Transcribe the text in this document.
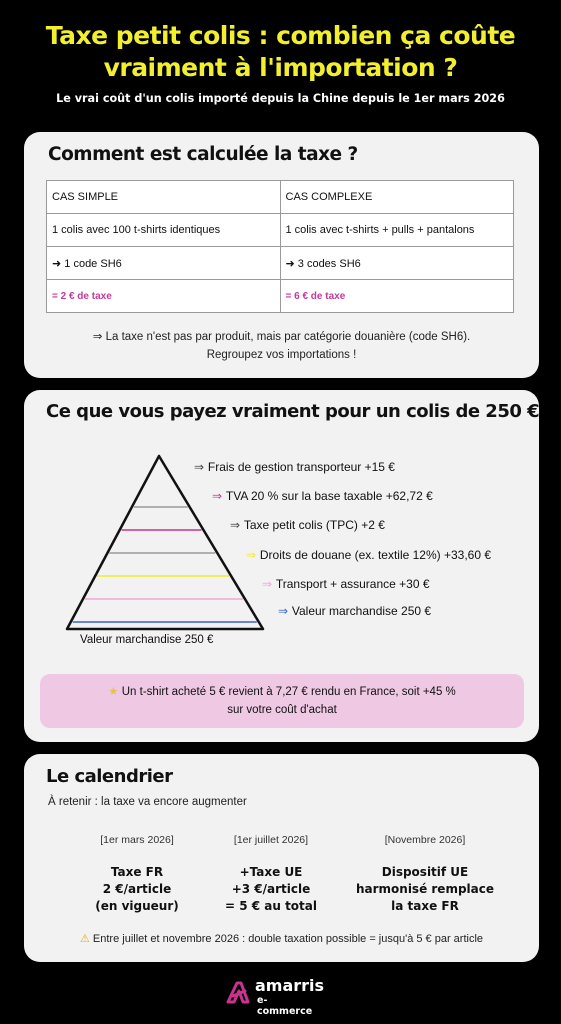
Taxe petit colis : combien ça coûte
vraiment à l'importation ?
Le vrai coût d'un colis importé depuis la Chine depuis le 1er mars 2026
Comment est calculée la taxe ?
CAS SIMPLE	CAS COMPLEXE
1 colis avec 100 t-shirts identiques	1 colis avec t-shirts + pulls + pantalons
➜ 1 code SH6	➜ 3 codes SH6
= 2 € de taxe	= 6 € de taxe
⇒ La taxe n'est pas par produit, mais par catégorie douanière (code SH6).
Regroupez vos importations !
Ce que vous payez vraiment pour un colis de 250 €
⇒ Frais de gestion transporteur +15 €
⇒ TVA 20 % sur la base taxable +62,72 €
⇒ Taxe petit colis (TPC) +2 €
⇒ Droits de douane (ex. textile 12%) +33,60 €
⇒ Transport + assurance +30 €
⇒ Valeur marchandise 250 €
Valeur marchandise 250 €
★ Un t-shirt acheté 5 € revient à 7,27 € rendu en France, soit +45 %
sur votre coût d'achat
Le calendrier
À retenir : la taxe va encore augmenter
[1er mars 2026]
Taxe FR
2 €/article
(en vigueur)
[1er juillet 2026]
+Taxe UE
+3 €/article
= 5 € au total
[Novembre 2026]
Dispositif UE
harmonisé remplace
la taxe FR
⚠ Entre juillet et novembre 2026 : double taxation possible = jusqu'à 5 € par article
amarris
e-commerce
